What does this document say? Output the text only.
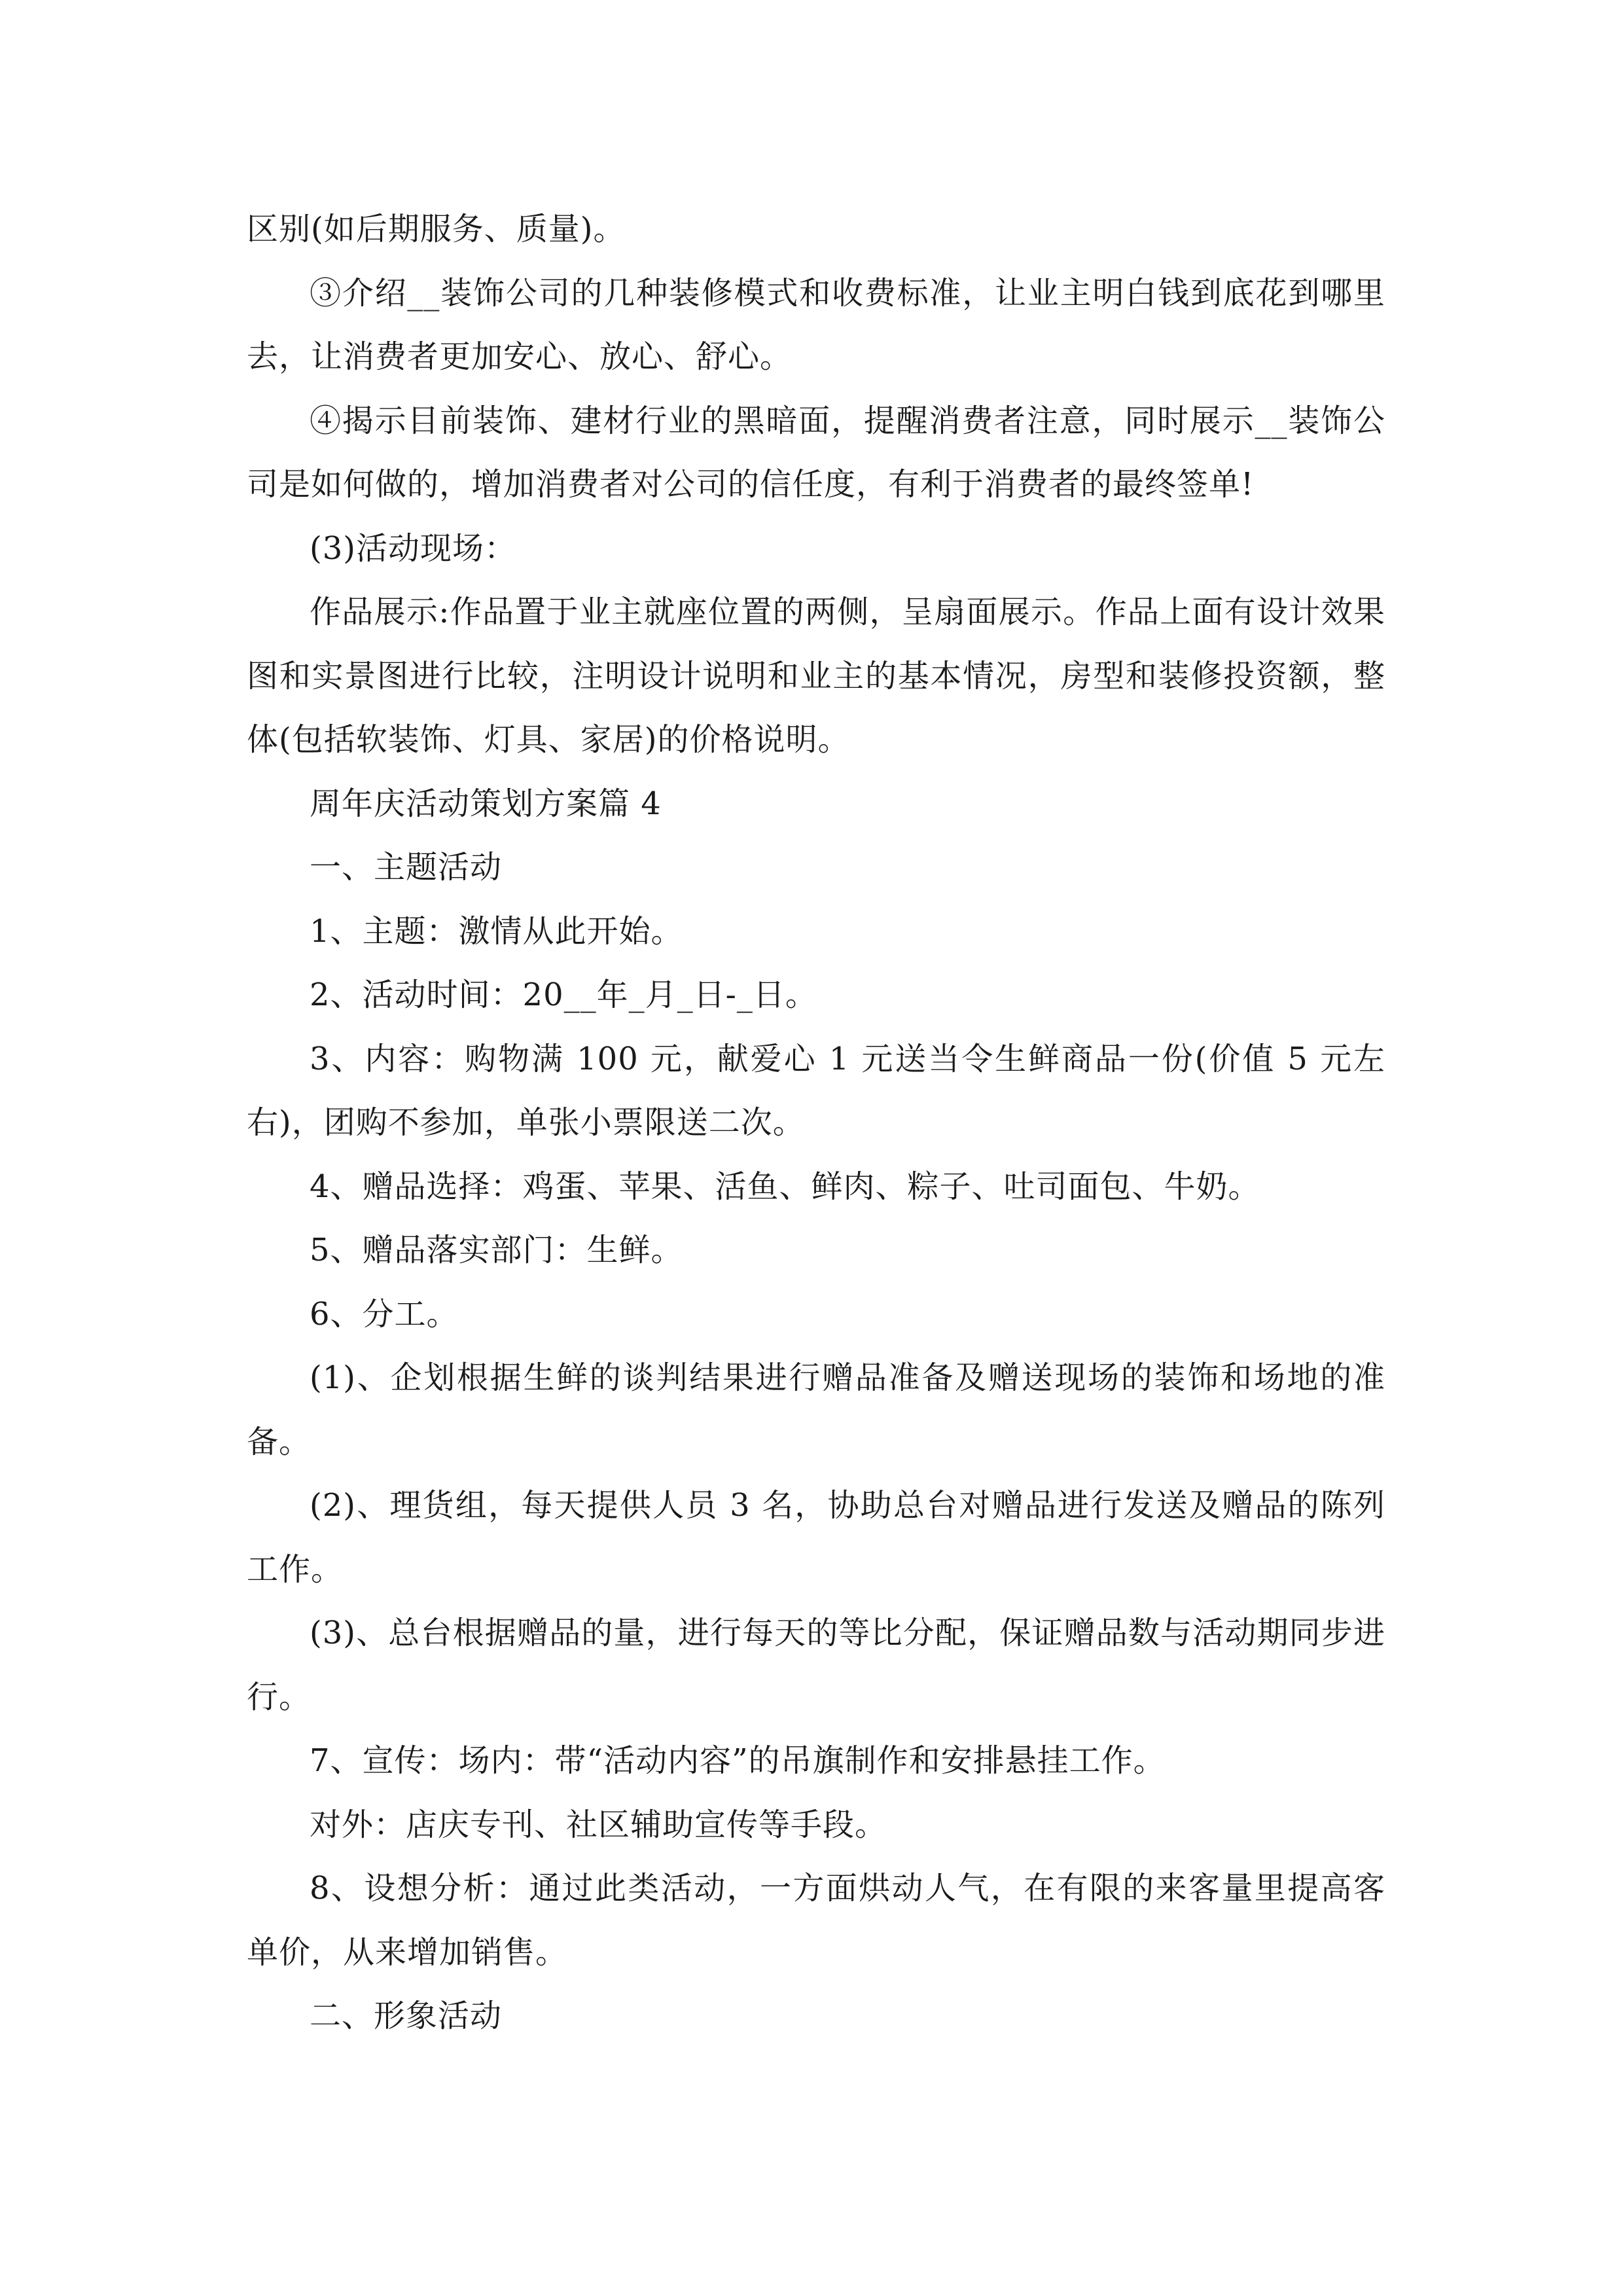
区别(如后期服务、质量)。

③介绍__装饰公司的几种装修模式和收费标准，让业主明白钱到底花到哪里去，让消费者更加安心、放心、舒心。

④揭示目前装饰、建材行业的黑暗面，提醒消费者注意，同时展示__装饰公司是如何做的，增加消费者对公司的信任度，有利于消费者的最终签单!

(3)活动现场：

作品展示:作品置于业主就座位置的两侧，呈扇面展示。作品上面有设计效果图和实景图进行比较，注明设计说明和业主的基本情况，房型和装修投资额，整体(包括软装饰、灯具、家居)的价格说明。

周年庆活动策划方案篇 4

一、主题活动

1、主题：激情从此开始。

2、活动时间：20__年_月_日-_日。

3、内容：购物满 100 元，献爱心 1 元送当令生鲜商品一份(价值 5 元左右)，团购不参加，单张小票限送二次。

4、赠品选择：鸡蛋、苹果、活鱼、鲜肉、粽子、吐司面包、牛奶。

5、赠品落实部门：生鲜。

6、分工。

(1)、企划根据生鲜的谈判结果进行赠品准备及赠送现场的装饰和场地的准备。

(2)、理货组，每天提供人员 3 名，协助总台对赠品进行发送及赠品的陈列工作。

(3)、总台根据赠品的量，进行每天的等比分配，保证赠品数与活动期同步进行。

7、宣传：场内：带“活动内容”的吊旗制作和安排悬挂工作。

对外：店庆专刊、社区辅助宣传等手段。

8、设想分析：通过此类活动，一方面烘动人气，在有限的来客量里提高客单价，从来增加销售。

二、形象活动
